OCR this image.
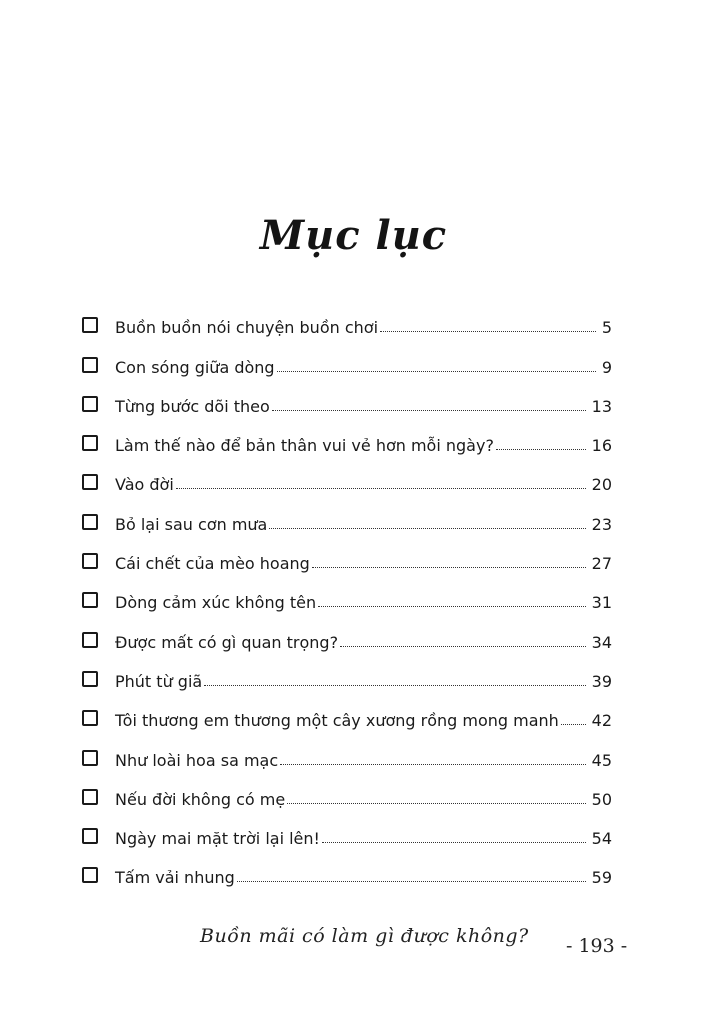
Mục lục
Buồn buồn nói chuyện buồn chơi	5
Con sóng giữa dòng	9
Từng bước dõi theo	13
Làm thế nào để bản thân vui vẻ hơn mỗi ngày?	16
Vào đời	20
Bỏ lại sau cơn mưa	23
Cái chết của mèo hoang	27
Dòng cảm xúc không tên	31
Được mất có gì quan trọng?	34
Phút từ giã	39
Tôi thương em thương một cây xương rồng mong manh 42
Như loài hoa sa mạc	45
Nếu đời không có mẹ	50
Ngày mai mặt trời lại lên!	54
Tấm vải nhung	59
Buồn mãi có làm gì được không? - 193 -
